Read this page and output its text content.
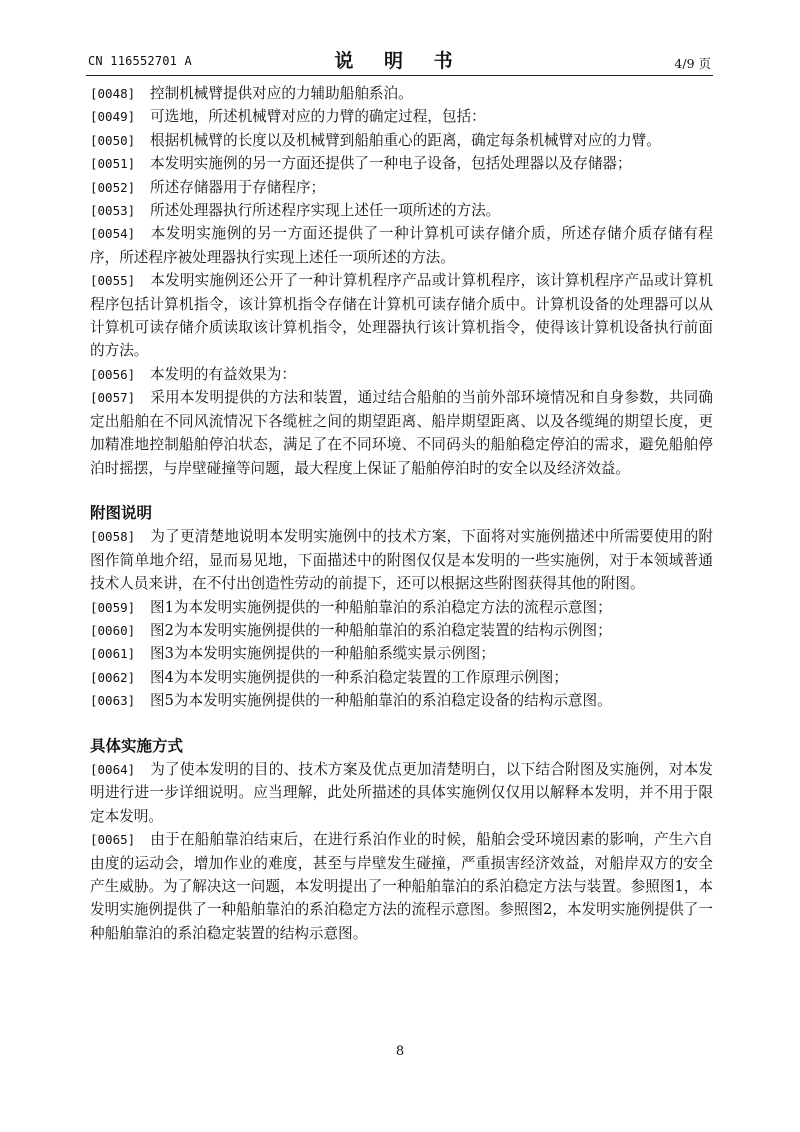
CN 116552701 A	说 明 书	4/9 页
[0048] 控制机械臂提供对应的力辅助船舶系泊。
[0049] 可选地，所述机械臂对应的力臂的确定过程，包括：
[0050] 根据机械臂的长度以及机械臂到船舶重心的距离，确定每条机械臂对应的力臂。
[0051] 本发明实施例的另一方面还提供了一种电子设备，包括处理器以及存储器；
[0052] 所述存储器用于存储程序；
[0053] 所述处理器执行所述程序实现上述任一项所述的方法。
[0054] 本发明实施例的另一方面还提供了一种计算机可读存储介质，所述存储介质存储有程序，所述程序被处理器执行实现上述任一项所述的方法。
[0055] 本发明实施例还公开了一种计算机程序产品或计算机程序，该计算机程序产品或计算机程序包括计算机指令，该计算机指令存储在计算机可读存储介质中。计算机设备的处理器可以从计算机可读存储介质读取该计算机指令，处理器执行该计算机指令，使得该计算机设备执行前面的方法。
[0056] 本发明的有益效果为：
[0057] 采用本发明提供的方法和装置，通过结合船舶的当前外部环境情况和自身参数，共同确定出船舶在不同风流情况下各缆桩之间的期望距离、船岸期望距离、以及各缆绳的期望长度，更加精准地控制船舶停泊状态，满足了在不同环境、不同码头的船舶稳定停泊的需求，避免船舶停泊时摇摆，与岸壁碰撞等问题，最大程度上保证了船舶停泊时的安全以及经济效益。
附图说明
[0058] 为了更清楚地说明本发明实施例中的技术方案，下面将对实施例描述中所需要使用的附图作简单地介绍，显而易见地，下面描述中的附图仅仅是本发明的一些实施例，对于本领域普通技术人员来讲，在不付出创造性劳动的前提下，还可以根据这些附图获得其他的附图。
[0059] 图1为本发明实施例提供的一种船舶靠泊的系泊稳定方法的流程示意图；
[0060] 图2为本发明实施例提供的一种船舶靠泊的系泊稳定装置的结构示例图；
[0061] 图3为本发明实施例提供的一种船舶系缆实景示例图；
[0062] 图4为本发明实施例提供的一种系泊稳定装置的工作原理示例图；
[0063] 图5为本发明实施例提供的一种船舶靠泊的系泊稳定设备的结构示意图。
具体实施方式
[0064] 为了使本发明的目的、技术方案及优点更加清楚明白，以下结合附图及实施例，对本发明进行进一步详细说明。应当理解，此处所描述的具体实施例仅仅用以解释本发明，并不用于限定本发明。
[0065] 由于在船舶靠泊结束后，在进行系泊作业的时候，船舶会受环境因素的影响，产生六自由度的运动会，增加作业的难度，甚至与岸壁发生碰撞，严重损害经济效益，对船岸双方的安全产生威胁。为了解决这一问题，本发明提出了一种船舶靠泊的系泊稳定方法与装置。参照图1，本发明实施例提供了一种船舶靠泊的系泊稳定方法的流程示意图。参照图2，本发明实施例提供了一种船舶靠泊的系泊稳定装置的结构示意图。
8
